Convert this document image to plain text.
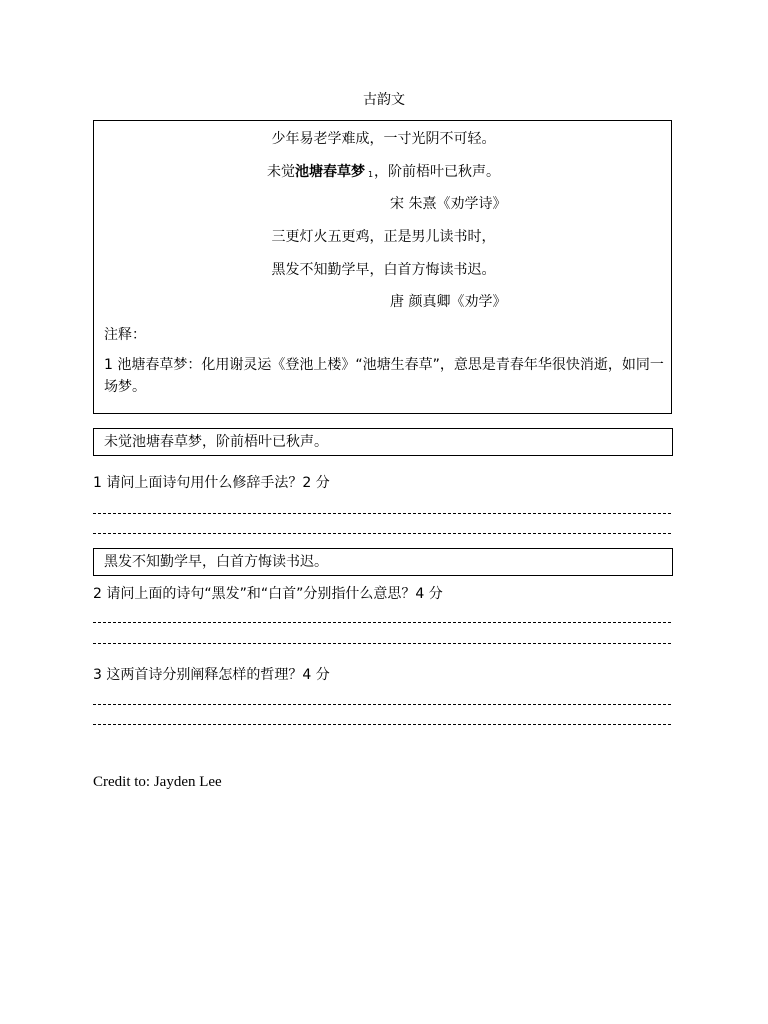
古韵文
少年易老学难成，一寸光阴不可轻。
未觉池塘春草梦 $^1$，阶前梧叶已秋声。
宋 朱熹《劝学诗》
三更灯火五更鸡，正是男儿读书时，
黑发不知勤学早，白首方悔读书迟。
唐 颜真卿《劝学》
注释：
1 池塘春草梦：化用谢灵运《登池上楼》“池塘生春草”，意思是青春年华很快消逝，如同一场梦。
未觉池塘春草梦，阶前梧叶已秋声。
1 请问上面诗句用什么修辞手法？2 分
黑发不知勤学早，白首方悔读书迟。
2 请问上面的诗句“黑发”和“白首”分别指什么意思？4 分
3 这两首诗分别阐释怎样的哲理？4 分
Credit to: Jayden Lee
